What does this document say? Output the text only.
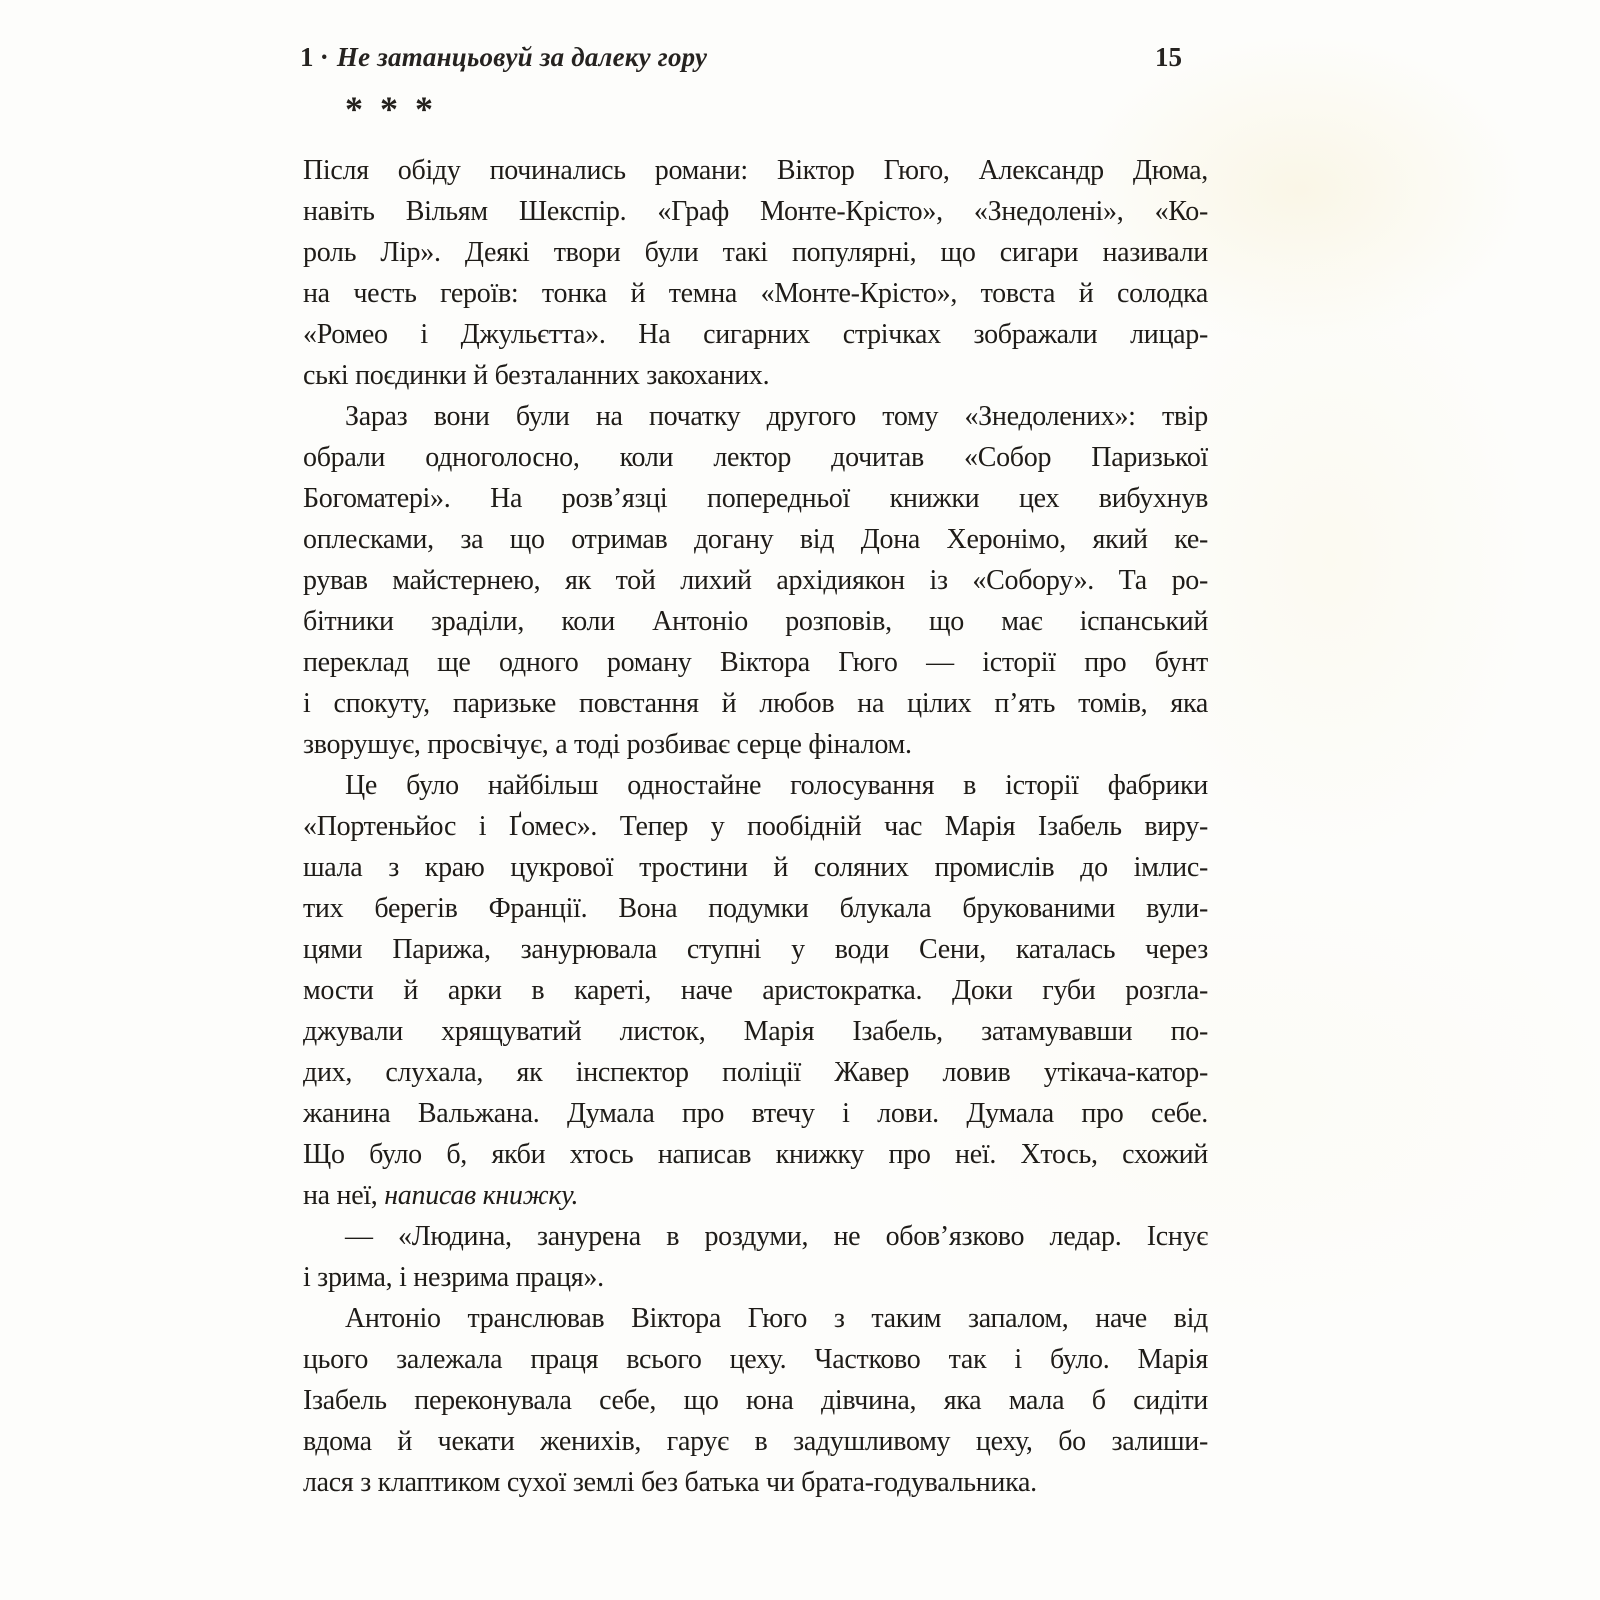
1 · Не затанцьовуй за далеку гору	15
* * *
Після обіду починались романи: Віктор Гюго, Александр Дюма,
навіть Вільям Шекспір. «Граф Монте-Крісто», «Знедолені», «Ко-
роль Лір». Деякі твори були такі популярні, що сигари називали
на честь героїв: тонка й темна «Монте-Крісто», товста й солодка
«Ромео і Джульєтта». На сигарних стрічках зображали лицар-
ські поєдинки й безталанних закоханих.
Зараз вони були на початку другого тому «Знедолених»: твір
обрали одноголосно, коли лектор дочитав «Собор Паризької
Богоматері». На розв’язці попередньої книжки цех вибухнув
оплесками, за що отримав догану від Дона Херонімо, який ке-
рував майстернею, як той лихий архідиякон із «Собору». Та ро-
бітники зраділи, коли Антоніо розповів, що має іспанський
переклад ще одного роману Віктора Гюго — історії про бунт
і спокуту, паризьке повстання й любов на цілих п’ять томів, яка
зворушує, просвічує, а тоді розбиває серце фіналом.
Це було найбільш одностайне голосування в історії фабрики
«Портеньйос і Ґомес». Тепер у пообідній час Марія Ізабель виру-
шала з краю цукрової тростини й соляних промислів до імлис-
тих берегів Франції. Вона подумки блукала брукованими вули-
цями Парижа, занурювала ступні у води Сени, каталась через
мости й арки в кареті, наче аристократка. Доки губи розгла-
джували хрящуватий листок, Марія Ізабель, затамувавши по-
дих, слухала, як інспектор поліції Жавер ловив утікача-катор-
жанина Вальжана. Думала про втечу і лови. Думала про себе.
Що було б, якби хтось написав книжку про неї. Хтось, схожий
на неї, написав книжку.
— «Людина, занурена в роздуми, не обов’язково ледар. Існує
і зрима, і незрима праця».
Антоніо транслював Віктора Гюго з таким запалом, наче від
цього залежала праця всього цеху. Частково так і було. Марія
Ізабель переконувала себе, що юна дівчина, яка мала б сидіти
вдома й чекати женихів, гарує в задушливому цеху, бо залиши-
лася з клаптиком сухої землі без батька чи брата-годувальника.
